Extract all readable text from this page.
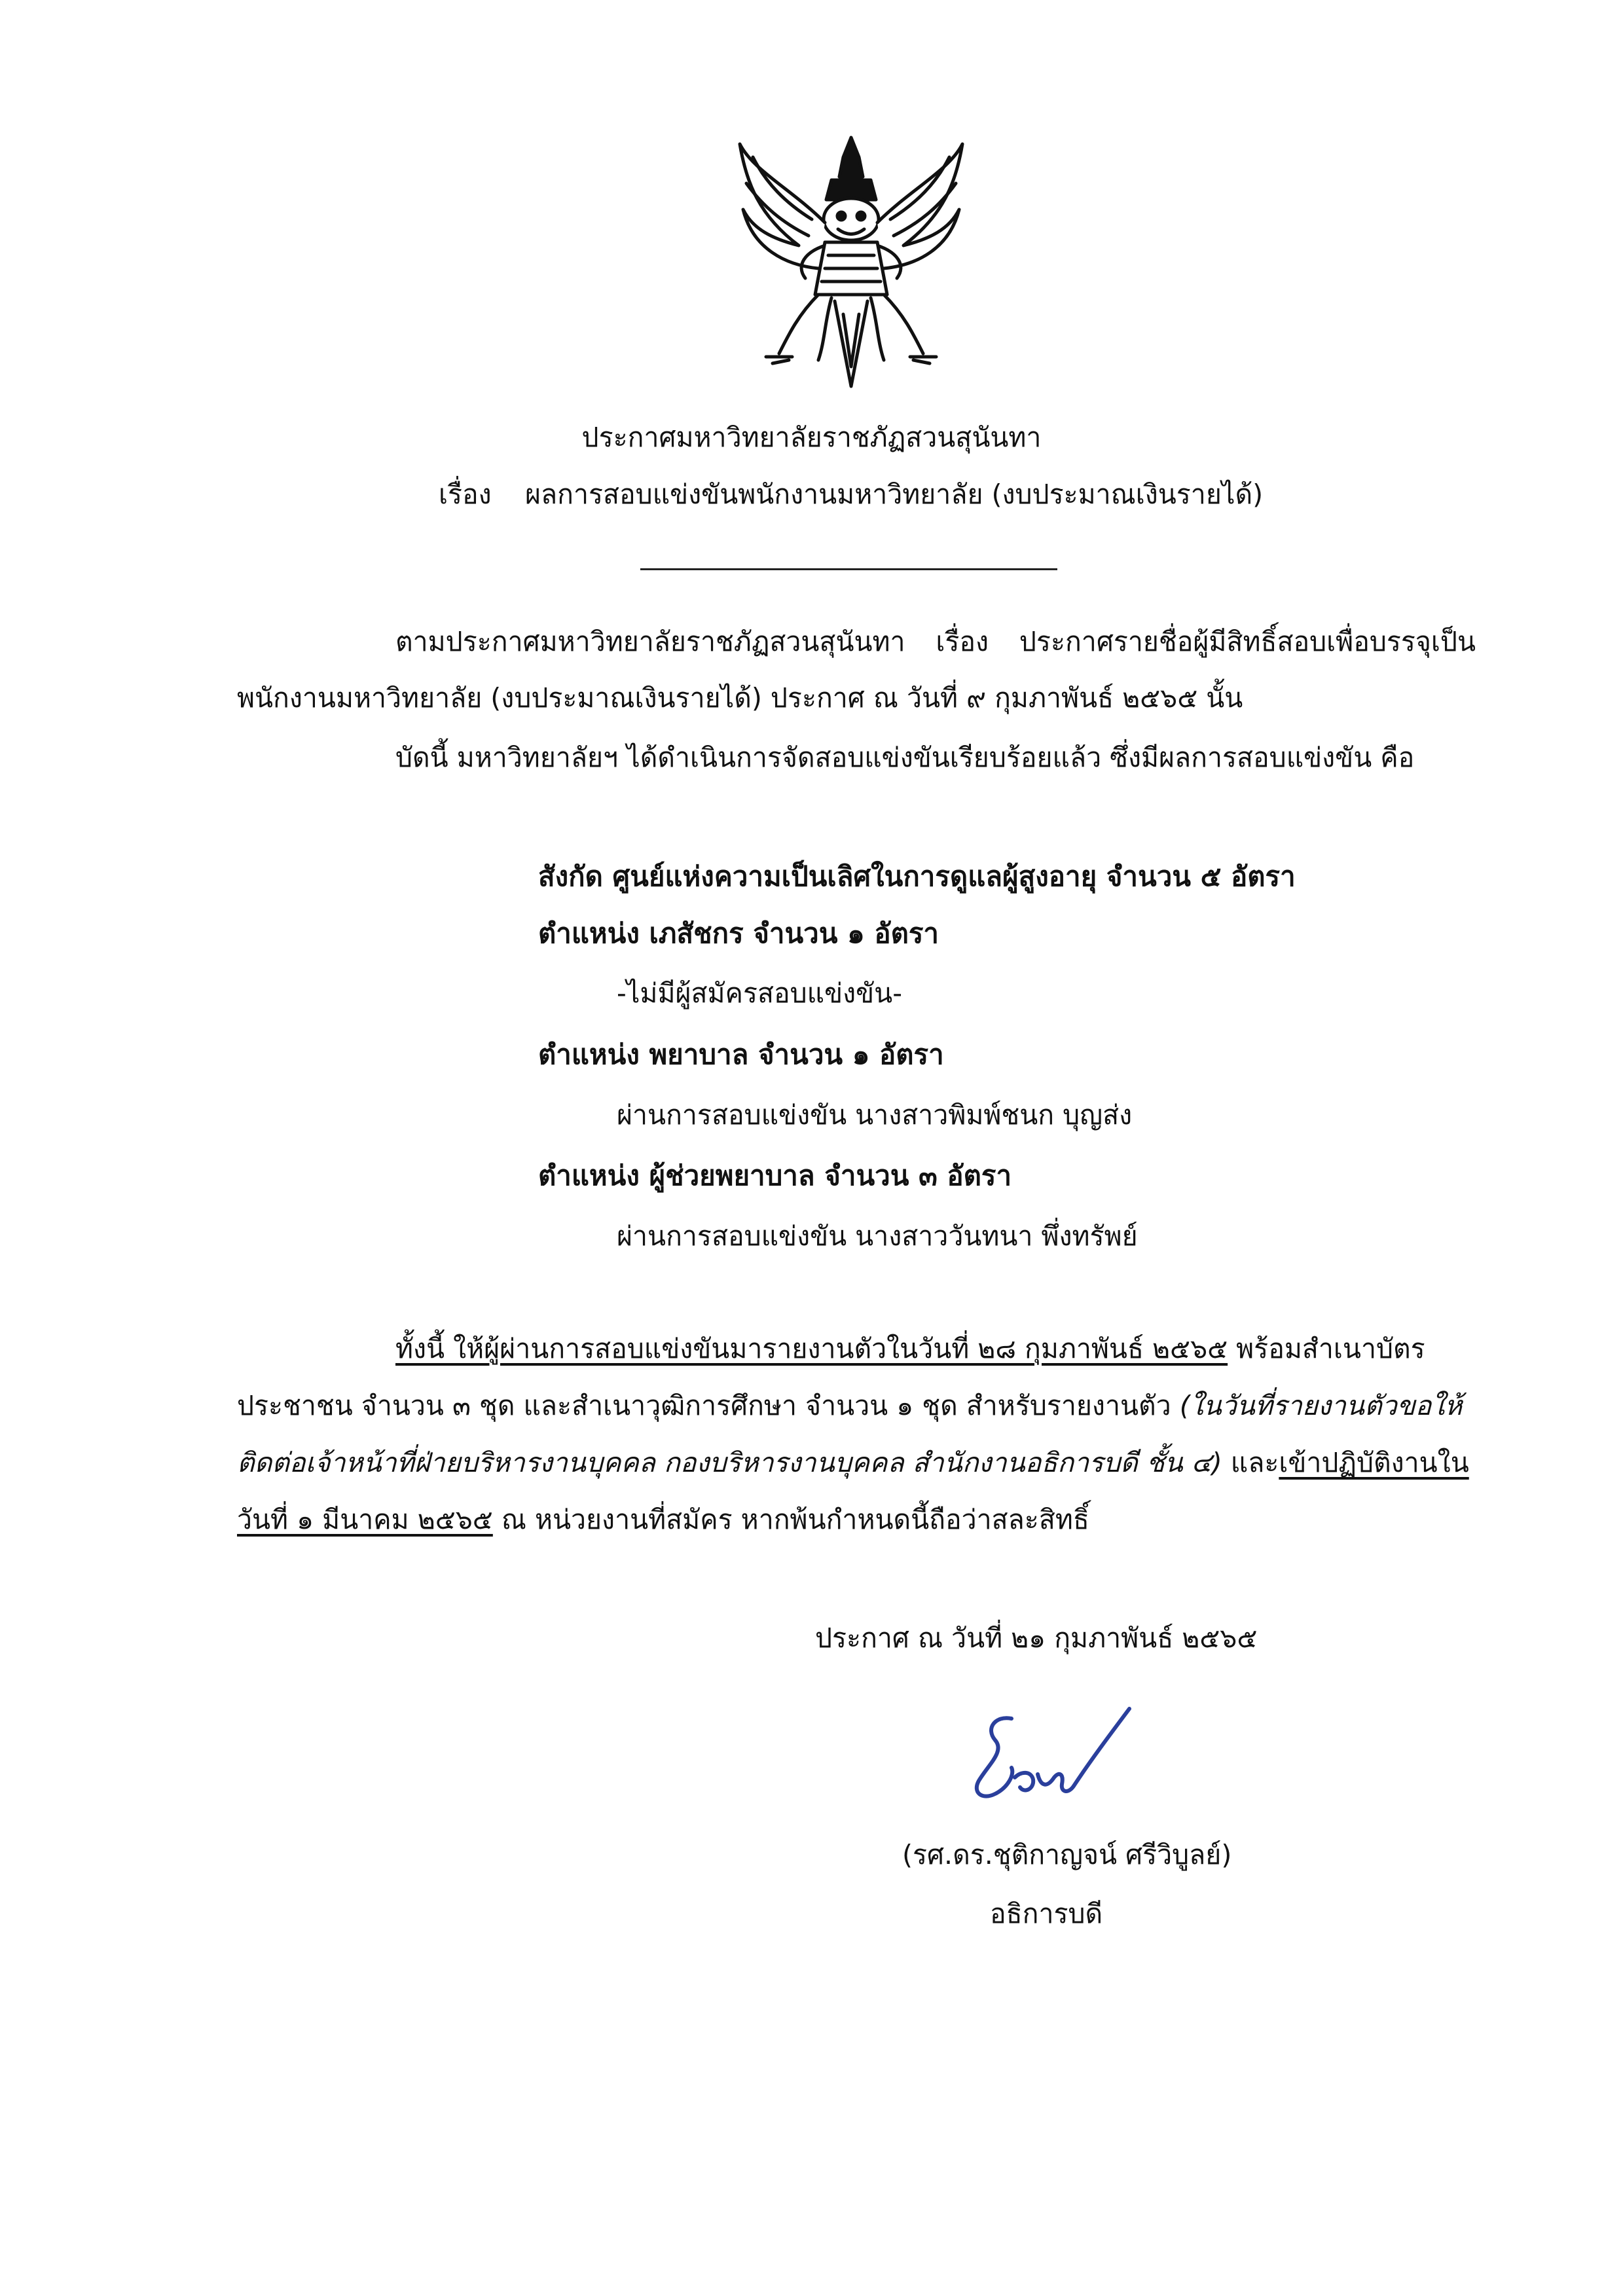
ประกาศมหาวิทยาลัยราชภัฏสวนสุนันทา
เรื่อง ผลการสอบแข่งขันพนักงานมหาวิทยาลัย (งบประมาณเงินรายได้)
ตามประกาศมหาวิทยาลัยราชภัฏสวนสุนันทา เรื่อง ประกาศรายชื่อผู้มีสิทธิ์สอบเพื่อบรรจุเป็น
พนักงานมหาวิทยาลัย (งบประมาณเงินรายได้) ประกาศ ณ วันที่ ๙ กุมภาพันธ์ ๒๕๖๕ นั้น
บัดนี้ มหาวิทยาลัยฯ ได้ดำเนินการจัดสอบแข่งขันเรียบร้อยแล้ว ซึ่งมีผลการสอบแข่งขัน คือ
สังกัด ศูนย์แห่งความเป็นเลิศในการดูแลผู้สูงอายุ จำนวน ๕ อัตรา
ตำแหน่ง เภสัชกร จำนวน ๑ อัตรา
-ไม่มีผู้สมัครสอบแข่งขัน-
ตำแหน่ง พยาบาล จำนวน ๑ อัตรา
ผ่านการสอบแข่งขัน นางสาวพิมพ์ชนก บุญส่ง
ตำแหน่ง ผู้ช่วยพยาบาล จำนวน ๓ อัตรา
ผ่านการสอบแข่งขัน นางสาววันทนา พึ่งทรัพย์
ทั้งนี้ ให้ผู้ผ่านการสอบแข่งขันมารายงานตัวในวันที่ ๒๘ กุมภาพันธ์ ๒๕๖๕ พร้อมสำเนาบัตร
ประชาชน จำนวน ๓ ชุด และสำเนาวุฒิการศึกษา จำนวน ๑ ชุด สำหรับรายงานตัว (ในวันที่รายงานตัวขอให้
ติดต่อเจ้าหน้าที่ฝ่ายบริหารงานบุคคล กองบริหารงานบุคคล สำนักงานอธิการบดี ชั้น ๔) และเข้าปฏิบัติงานใน
วันที่ ๑ มีนาคม ๒๕๖๕ ณ หน่วยงานที่สมัคร หากพ้นกำหนดนี้ถือว่าสละสิทธิ์
ประกาศ ณ วันที่ ๒๑ กุมภาพันธ์ ๒๕๖๕
(รศ.ดร.ชุติกาญจน์ ศรีวิบูลย์)
อธิการบดี
